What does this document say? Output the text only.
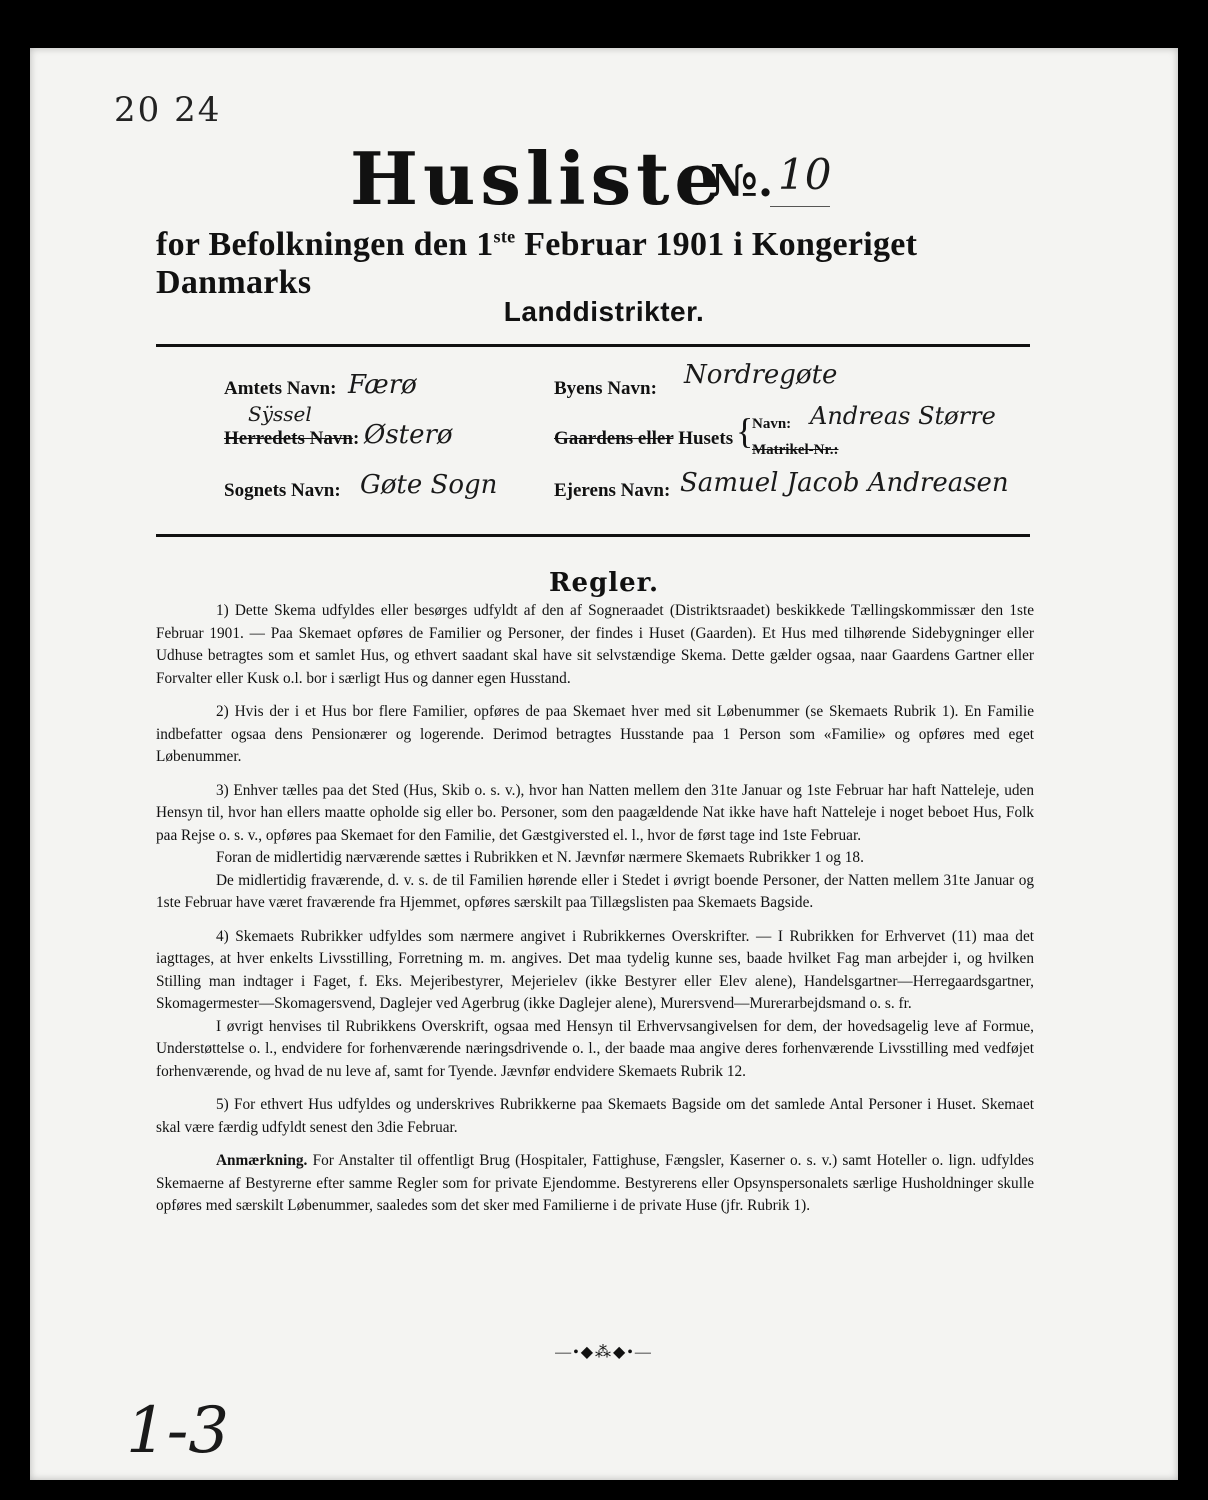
20 24
Husliste
№. 10
for Befolkningen den 1ste Februar 1901 i Kongeriget Danmarks
Landdistrikter.
Amtets Navn: Færø
Sÿssel
Herredets Navn: Østerø
Sognets Navn: Gøte Sogn
Byens Navn: Nordregøte
Gaardens eller Husets {
Navn: Andreas Større
Matrikel-Nr.:
Ejerens Navn: Samuel Jacob Andreasen
Regler.

1) Dette Skema udfyldes eller besørges udfyldt af den af Sogneraadet (Distriktsraadet) beskikkede Tællingskommissær den 1ste Februar 1901. — Paa Skemaet opføres de Familier og Personer, der findes i Huset (Gaarden). Et Hus med tilhørende Sidebygninger eller Udhuse betragtes som et samlet Hus, og ethvert saadant skal have sit selvstændige Skema. Dette gælder ogsaa, naar Gaardens Gartner eller Forvalter eller Kusk o.l. bor i særligt Hus og danner egen Husstand.

2) Hvis der i et Hus bor flere Familier, opføres de paa Skemaet hver med sit Løbenummer (se Skemaets Rubrik 1). En Familie indbefatter ogsaa dens Pensionærer og logerende. Derimod betragtes Husstande paa 1 Person som «Familie» og opføres med eget Løbenummer.

3) Enhver tælles paa det Sted (Hus, Skib o. s. v.), hvor han Natten mellem den 31te Januar og 1ste Februar har haft Natteleje, uden Hensyn til, hvor han ellers maatte opholde sig eller bo. Personer, som den paagældende Nat ikke have haft Natteleje i noget beboet Hus, Folk paa Rejse o. s. v., opføres paa Skemaet for den Familie, det Gæstgiversted el. l., hvor de først tage ind 1ste Februar.

Foran de midlertidig nærværende sættes i Rubrikken et N. Jævnfør nærmere Skemaets Rubrikker 1 og 18.

De midlertidig fraværende, d. v. s. de til Familien hørende eller i Stedet i øvrigt boende Personer, der Natten mellem 31te Januar og 1ste Februar have været fraværende fra Hjemmet, opføres særskilt paa Tillægslisten paa Skemaets Bagside.

4) Skemaets Rubrikker udfyldes som nærmere angivet i Rubrikkernes Overskrifter. — I Rubrikken for Erhvervet (11) maa det iagttages, at hver enkelts Livsstilling, Forretning m. m. angives. Det maa tydelig kunne ses, baade hvilket Fag man arbejder i, og hvilken Stilling man indtager i Faget, f. Eks. Mejeribestyrer, Mejerielev (ikke Bestyrer eller Elev alene), Handelsgartner—Herregaardsgartner, Skomagermester—Skomagersvend, Daglejer ved Agerbrug (ikke Daglejer alene), Murersvend—Murerarbejdsmand o. s. fr.

I øvrigt henvises til Rubrikkens Overskrift, ogsaa med Hensyn til Erhvervsangivelsen for dem, der hovedsagelig leve af Formue, Understøttelse o. l., endvidere for forhenværende næringsdrivende o. l., der baade maa angive deres forhenværende Livsstilling med vedføjet forhenværende, og hvad de nu leve af, samt for Tyende. Jævnfør endvidere Skemaets Rubrik 12.

5) For ethvert Hus udfyldes og underskrives Rubrikkerne paa Skemaets Bagside om det samlede Antal Personer i Huset. Skemaet skal være færdig udfyldt senest den 3die Februar.

Anmærkning. For Anstalter til offentligt Brug (Hospitaler, Fattighuse, Fængsler, Kaserner o. s. v.) samt Hoteller o. lign. udfyldes Skemaerne af Bestyrerne efter samme Regler som for private Ejendomme. Bestyrerens eller Opsynspersonalets særlige Husholdninger skulle opføres med særskilt Løbenummer, saaledes som det sker med Familierne i de private Huse (jfr. Rubrik 1).

—•◆⁂◆•—
1-3
